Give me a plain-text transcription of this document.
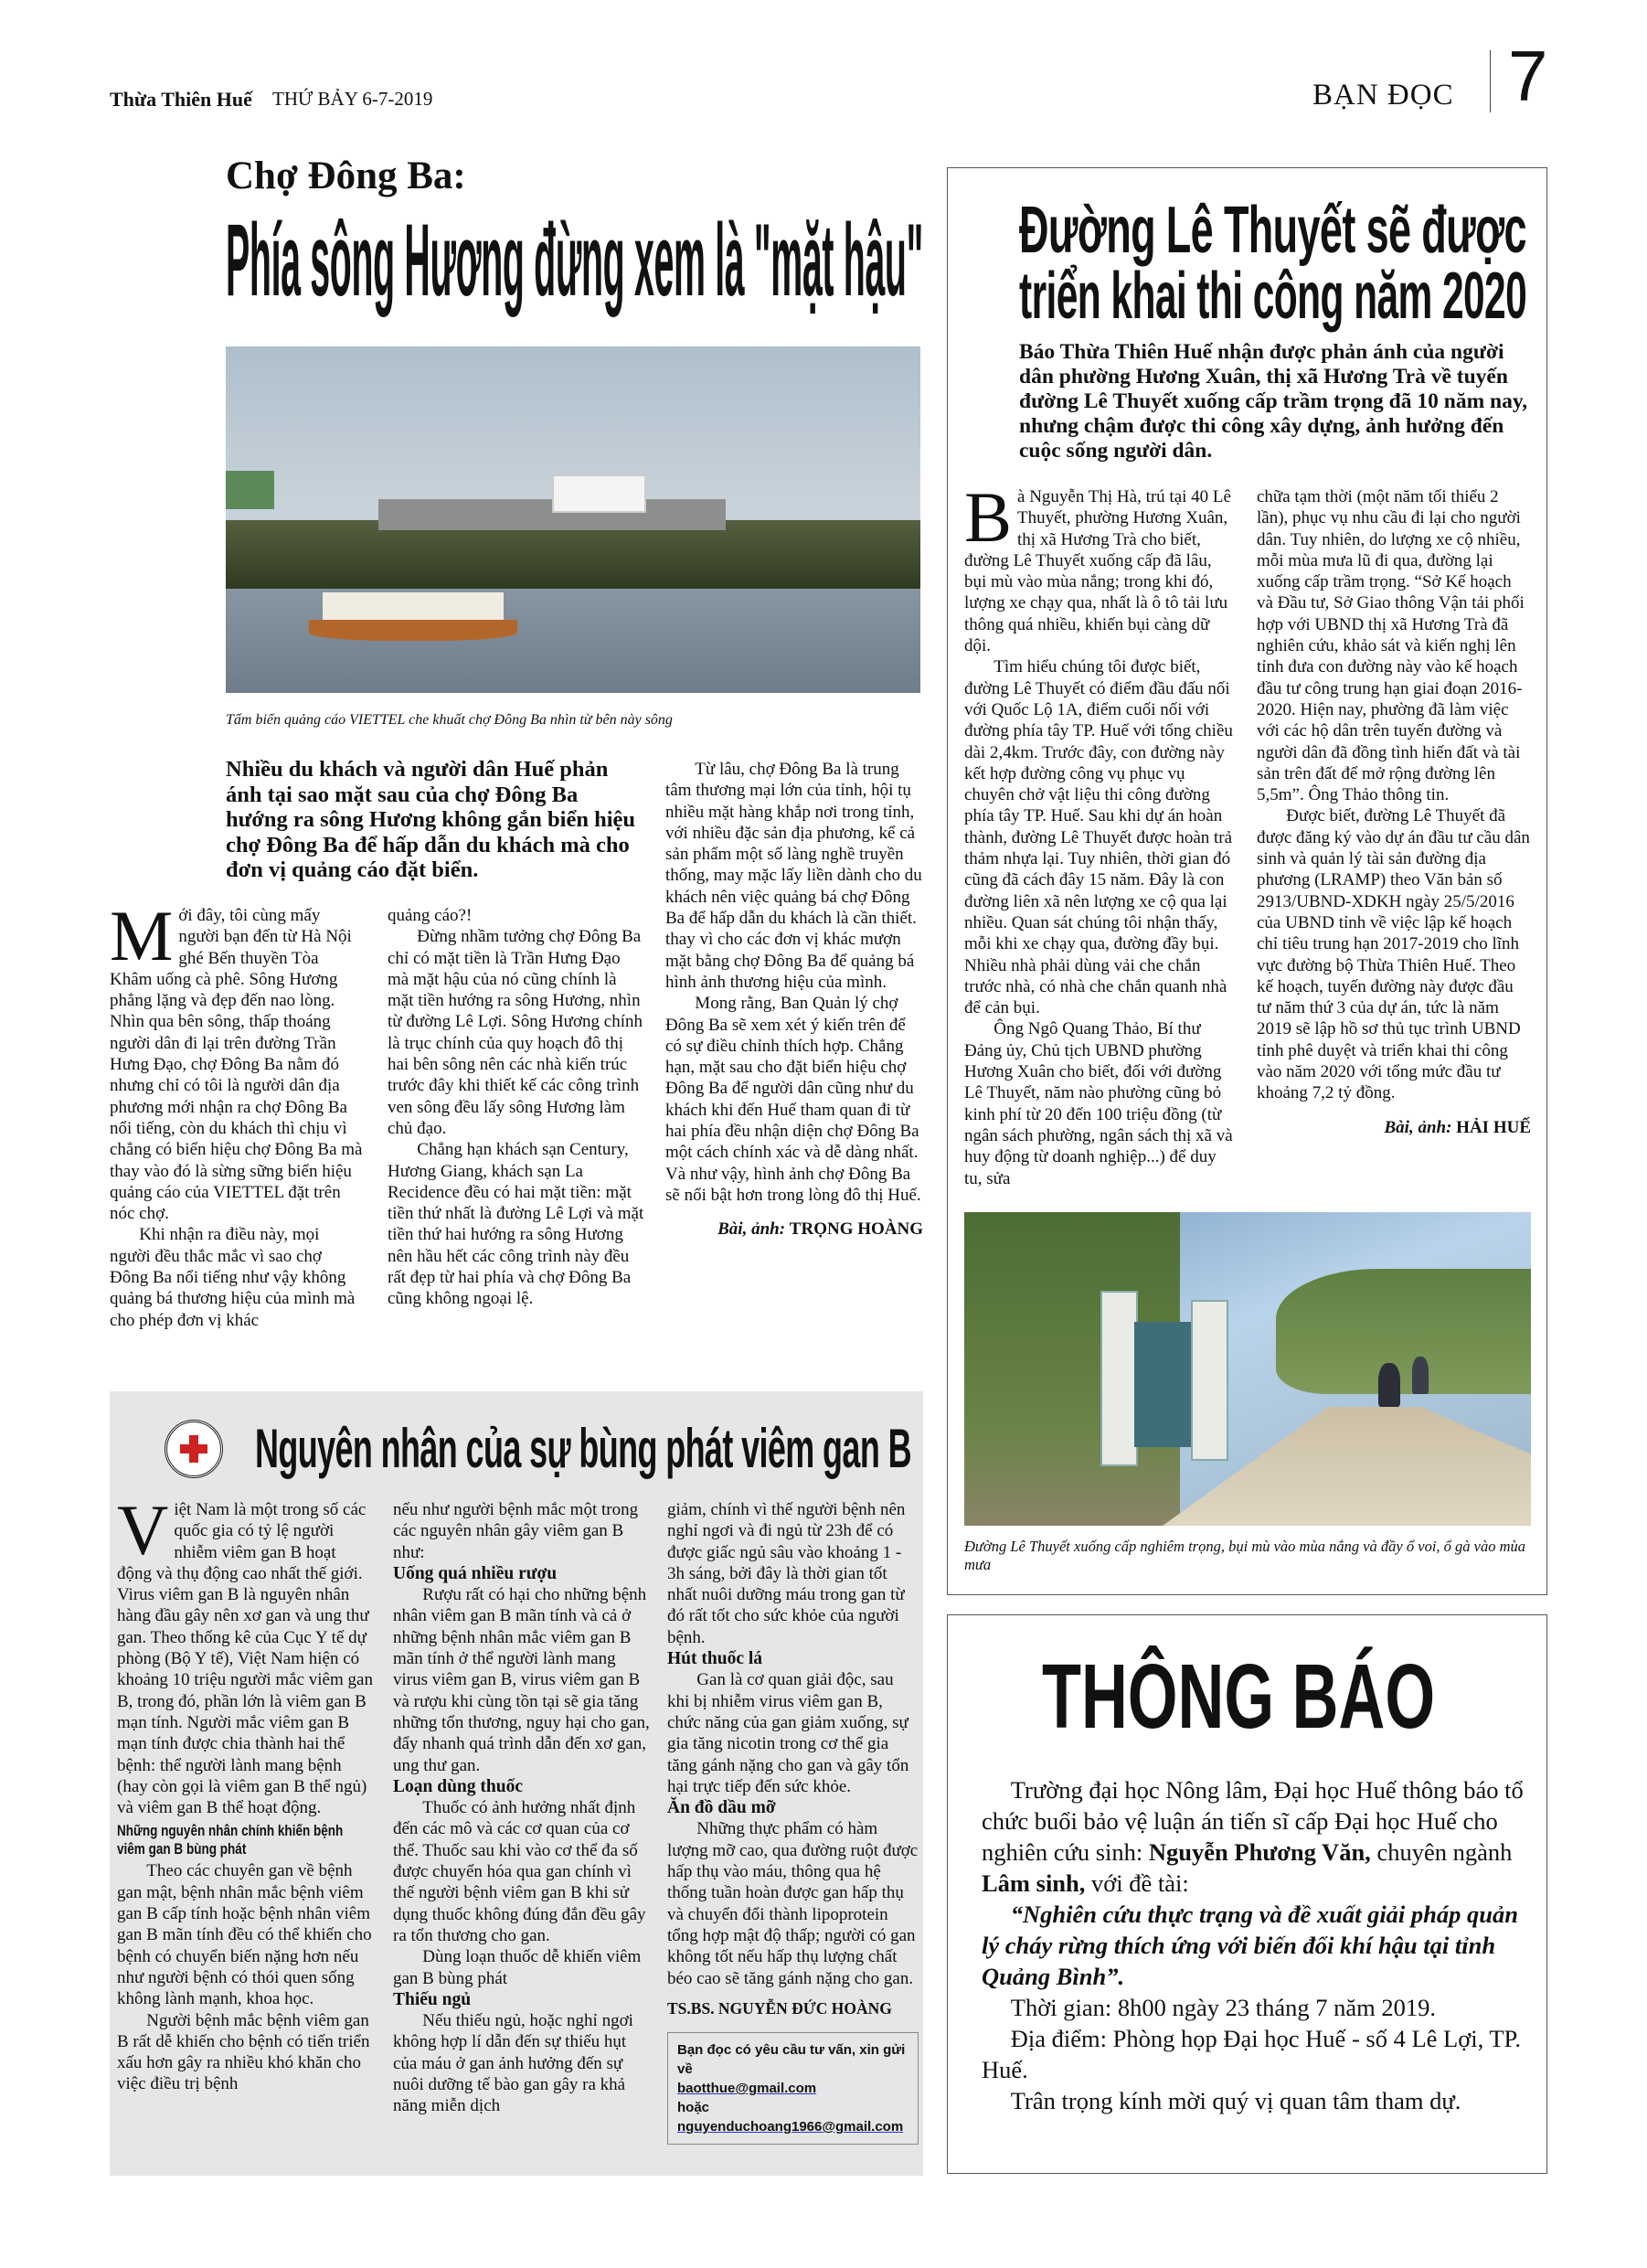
Thừa Thiên Huế THỨ BẢY 6-7-2019	BẠN ĐỌC 7
Chợ Đông Ba:
Phía sông Hương đừng xem là "mặt hậu"
Tấm biển quảng cáo VIETTEL che khuất chợ Đông Ba nhìn từ bên này sông
Nhiều du khách và người dân Huế phản ánh tại sao mặt sau của chợ Đông Ba hướng ra sông Hương không gắn biển hiệu chợ Đông Ba để hấp dẫn du khách mà cho đơn vị quảng cáo đặt biển.

Mới đây, tôi cùng mấy người bạn đến từ Hà Nội ghé Bến thuyền Tòa Khâm uống cà phê. Sông Hương phẳng lặng và đẹp đến nao lòng. Nhìn qua bên sông, thấp thoáng người dân đi lại trên đường Trần Hưng Đạo, chợ Đông Ba nằm đó nhưng chỉ có tôi là người dân địa phương mới nhận ra chợ Đông Ba nổi tiếng, còn du khách thì chịu vì chẳng có biển hiệu chợ Đông Ba mà thay vào đó là sừng sững biển hiệu quảng cáo của VIETTEL đặt trên nóc chợ.

Khi nhận ra điều này, mọi người đều thắc mắc vì sao chợ Đông Ba nổi tiếng như vậy không quảng bá thương hiệu của mình mà cho phép đơn vị khác

quảng cáo?!

Đừng nhầm tưởng chợ Đông Ba chỉ có mặt tiền là Trần Hưng Đạo mà mặt hậu của nó cũng chính là mặt tiền hướng ra sông Hương, nhìn từ đường Lê Lợi. Sông Hương chính là trục chính của quy hoạch đô thị hai bên sông nên các nhà kiến trúc trước đây khi thiết kế các công trình ven sông đều lấy sông Hương làm chủ đạo.

Chẳng hạn khách sạn Century, Hương Giang, khách sạn La Recidence đều có hai mặt tiền: mặt tiền thứ nhất là đường Lê Lợi và mặt tiền thứ hai hướng ra sông Hương nên hầu hết các công trình này đều rất đẹp từ hai phía và chợ Đông Ba cũng không ngoại lệ.

Từ lâu, chợ Đông Ba là trung tâm thương mại lớn của tỉnh, hội tụ nhiều mặt hàng khắp nơi trong tỉnh, với nhiều đặc sản địa phương, kể cả sản phẩm một số làng nghề truyền thống, may mặc lấy liền dành cho du khách nên việc quảng bá chợ Đông Ba để hấp dẫn du khách là cần thiết. thay vì cho các đơn vị khác mượn mặt bằng chợ Đông Ba để quảng bá hình ảnh thương hiệu của mình.

Mong rằng, Ban Quản lý chợ Đông Ba sẽ xem xét ý kiến trên để có sự điều chỉnh thích hợp. Chẳng hạn, mặt sau cho đặt biển hiệu chợ Đông Ba để người dân cũng như du khách khi đến Huế tham quan đi từ hai phía đều nhận diện chợ Đông Ba một cách chính xác và dễ dàng nhất. Và như vậy, hình ảnh chợ Đông Ba sẽ nổi bật hơn trong lòng đô thị Huế.

Bài, ảnh: TRỌNG HOÀNG
Đường Lê Thuyết sẽ được
triển khai thi công năm 2020
Báo Thừa Thiên Huế nhận được phản ánh của người dân phường Hương Xuân, thị xã Hương Trà về tuyến đường Lê Thuyết xuống cấp trầm trọng đã 10 năm nay, nhưng chậm được thi công xây dựng, ảnh hưởng đến cuộc sống người dân.

Bà Nguyễn Thị Hà, trú tại 40 Lê Thuyết, phường Hương Xuân, thị xã Hương Trà cho biết, đường Lê Thuyết xuống cấp đã lâu, bụi mù vào mùa nắng; trong khi đó, lượng xe chạy qua, nhất là ô tô tải lưu thông quá nhiều, khiến bụi càng dữ dội.

Tìm hiểu chúng tôi được biết, đường Lê Thuyết có điểm đầu đấu nối với Quốc Lộ 1A, điểm cuối nối với đường phía tây TP. Huế với tổng chiều dài 2,4km. Trước đây, con đường này kết hợp đường công vụ phục vụ chuyên chở vật liệu thi công đường phía tây TP. Huế. Sau khi dự án hoàn thành, đường Lê Thuyết được hoàn trả thảm nhựa lại. Tuy nhiên, thời gian đó cũng đã cách đây 15 năm. Đây là con đường liên xã nên lượng xe cộ qua lại nhiều. Quan sát chúng tôi nhận thấy, mỗi khi xe chạy qua, đường đầy bụi. Nhiều nhà phải dùng vải che chắn trước nhà, có nhà che chắn quanh nhà để cản bụi.

Ông Ngô Quang Thảo, Bí thư Đảng ủy, Chủ tịch UBND phường Hương Xuân cho biết, đối với đường Lê Thuyết, năm nào phường cũng bỏ kinh phí từ 20 đến 100 triệu đồng (từ ngân sách phường, ngân sách thị xã và huy động từ doanh nghiệp...) để duy tu, sửa

chữa tạm thời (một năm tối thiểu 2 lần), phục vụ nhu cầu đi lại cho người dân. Tuy nhiên, do lượng xe cộ nhiều, mỗi mùa mưa lũ đi qua, đường lại xuống cấp trầm trọng. “Sở Kế hoạch và Đầu tư, Sở Giao thông Vận tải phối hợp với UBND thị xã Hương Trà đã nghiên cứu, khảo sát và kiến nghị lên tỉnh đưa con đường này vào kế hoạch đầu tư công trung hạn giai đoạn 2016-2020. Hiện nay, phường đã làm việc với các hộ dân trên tuyến đường và người dân đã đồng tình hiến đất và tài sản trên đất để mở rộng đường lên 5,5m”. Ông Thảo thông tin.

Được biết, đường Lê Thuyết đã được đăng ký vào dự án đầu tư cầu dân sinh và quản lý tài sản đường địa phương (LRAMP) theo Văn bản số 2913/UBND-XDKH ngày 25/5/2016 của UBND tỉnh về việc lập kế hoạch chỉ tiêu trung hạn 2017-2019 cho lĩnh vực đường bộ Thừa Thiên Huế. Theo kế hoạch, tuyến đường này được đầu tư năm thứ 3 của dự án, tức là năm 2019 sẽ lập hồ sơ thủ tục trình UBND tỉnh phê duyệt và triển khai thi công vào năm 2020 với tổng mức đầu tư khoảng 7,2 tỷ đồng.

Bài, ảnh: HẢI HUẾ
Đường Lê Thuyết xuống cấp nghiêm trọng, bụi mù vào mùa nắng và đầy ổ voi, ổ gà vào mùa mưa
THÔNG BÁO

Trường đại học Nông lâm, Đại học Huế thông báo tổ chức buổi bảo vệ luận án tiến sĩ cấp Đại học Huế cho nghiên cứu sinh: Nguyễn Phương Văn, chuyên ngành Lâm sinh, với đề tài:

“Nghiên cứu thực trạng và đề xuất giải pháp quản lý cháy rừng thích ứng với biến đổi khí hậu tại tỉnh Quảng Bình”.

Thời gian: 8h00 ngày 23 tháng 7 năm 2019.

Địa điểm: Phòng họp Đại học Huế - số 4 Lê Lợi, TP. Huế.

Trân trọng kính mời quý vị quan tâm tham dự.

Nguyên nhân của sự bùng phát viêm gan B

Việt Nam là một trong số các quốc gia có tỷ lệ người nhiễm viêm gan B hoạt động và thụ động cao nhất thế giới. Virus viêm gan B là nguyên nhân hàng đầu gây nên xơ gan và ung thư gan. Theo thống kê của Cục Y tế dự phòng (Bộ Y tế), Việt Nam hiện có khoảng 10 triệu người mắc viêm gan B, trong đó, phần lớn là viêm gan B mạn tính. Người mắc viêm gan B mạn tính được chia thành hai thể bệnh: thể người lành mang bệnh (hay còn gọi là viêm gan B thể ngủ) và viêm gan B thể hoạt động.

Những nguyên nhân chính khiến bệnh viêm gan B bùng phát

Theo các chuyên gan về bệnh gan mật, bệnh nhân mắc bệnh viêm gan B cấp tính hoặc bệnh nhân viêm gan B mãn tính đều có thể khiến cho bệnh có chuyển biến nặng hơn nếu như người bệnh có thói quen sống không lành mạnh, khoa học.

Người bệnh mắc bệnh viêm gan B rất dễ khiến cho bệnh có tiến triển xấu hơn gây ra nhiều khó khăn cho việc điều trị bệnh

nếu như người bệnh mắc một trong các nguyên nhân gây viêm gan B như:

Uống quá nhiều rượu

Rượu rất có hại cho những bệnh nhân viêm gan B mãn tính và cả ở những bệnh nhân mắc viêm gan B mãn tính ở thể người lành mang virus viêm gan B, virus viêm gan B và rượu khi cùng tồn tại sẽ gia tăng những tổn thương, nguy hại cho gan, đẩy nhanh quá trình dẫn đến xơ gan, ung thư gan.

Loạn dùng thuốc

Thuốc có ảnh hưởng nhất định đến các mô và các cơ quan của cơ thể. Thuốc sau khi vào cơ thể đa số được chuyển hóa qua gan chính vì thế người bệnh viêm gan B khi sử dụng thuốc không đúng đắn đều gây ra tổn thương cho gan.

Dùng loạn thuốc dễ khiến viêm gan B bùng phát

Thiếu ngủ

Nếu thiếu ngủ, hoặc nghỉ ngơi không hợp lí dẫn đến sự thiếu hụt của máu ở gan ảnh hưởng đến sự nuôi dưỡng tế bào gan gây ra khả năng miễn dịch

giảm, chính vì thế người bệnh nên nghỉ ngơi và đi ngủ từ 23h để có được giấc ngủ sâu vào khoảng 1 - 3h sáng, bởi đây là thời gian tốt nhất nuôi dưỡng máu trong gan từ đó rất tốt cho sức khỏe của người bệnh.

Hút thuốc lá

Gan là cơ quan giải độc, sau khi bị nhiễm virus viêm gan B, chức năng của gan giảm xuống, sự gia tăng nicotin trong cơ thể gia tăng gánh nặng cho gan và gây tổn hại trực tiếp đến sức khỏe.

Ăn đồ dầu mỡ

Những thực phẩm có hàm lượng mỡ cao, qua đường ruột được hấp thụ vào máu, thông qua hệ thống tuần hoàn được gan hấp thụ và chuyển đổi thành lipoprotein tổng hợp mật độ thấp; người có gan không tốt nếu hấp thụ lượng chất béo cao sẽ tăng gánh nặng cho gan.

TS.BS. NGUYỄN ĐỨC HOÀNG
Bạn đọc có yêu cầu tư vấn, xin gửi về
baotthue@gmail.com
hoặc nguyenduchoang1966@gmail.com
